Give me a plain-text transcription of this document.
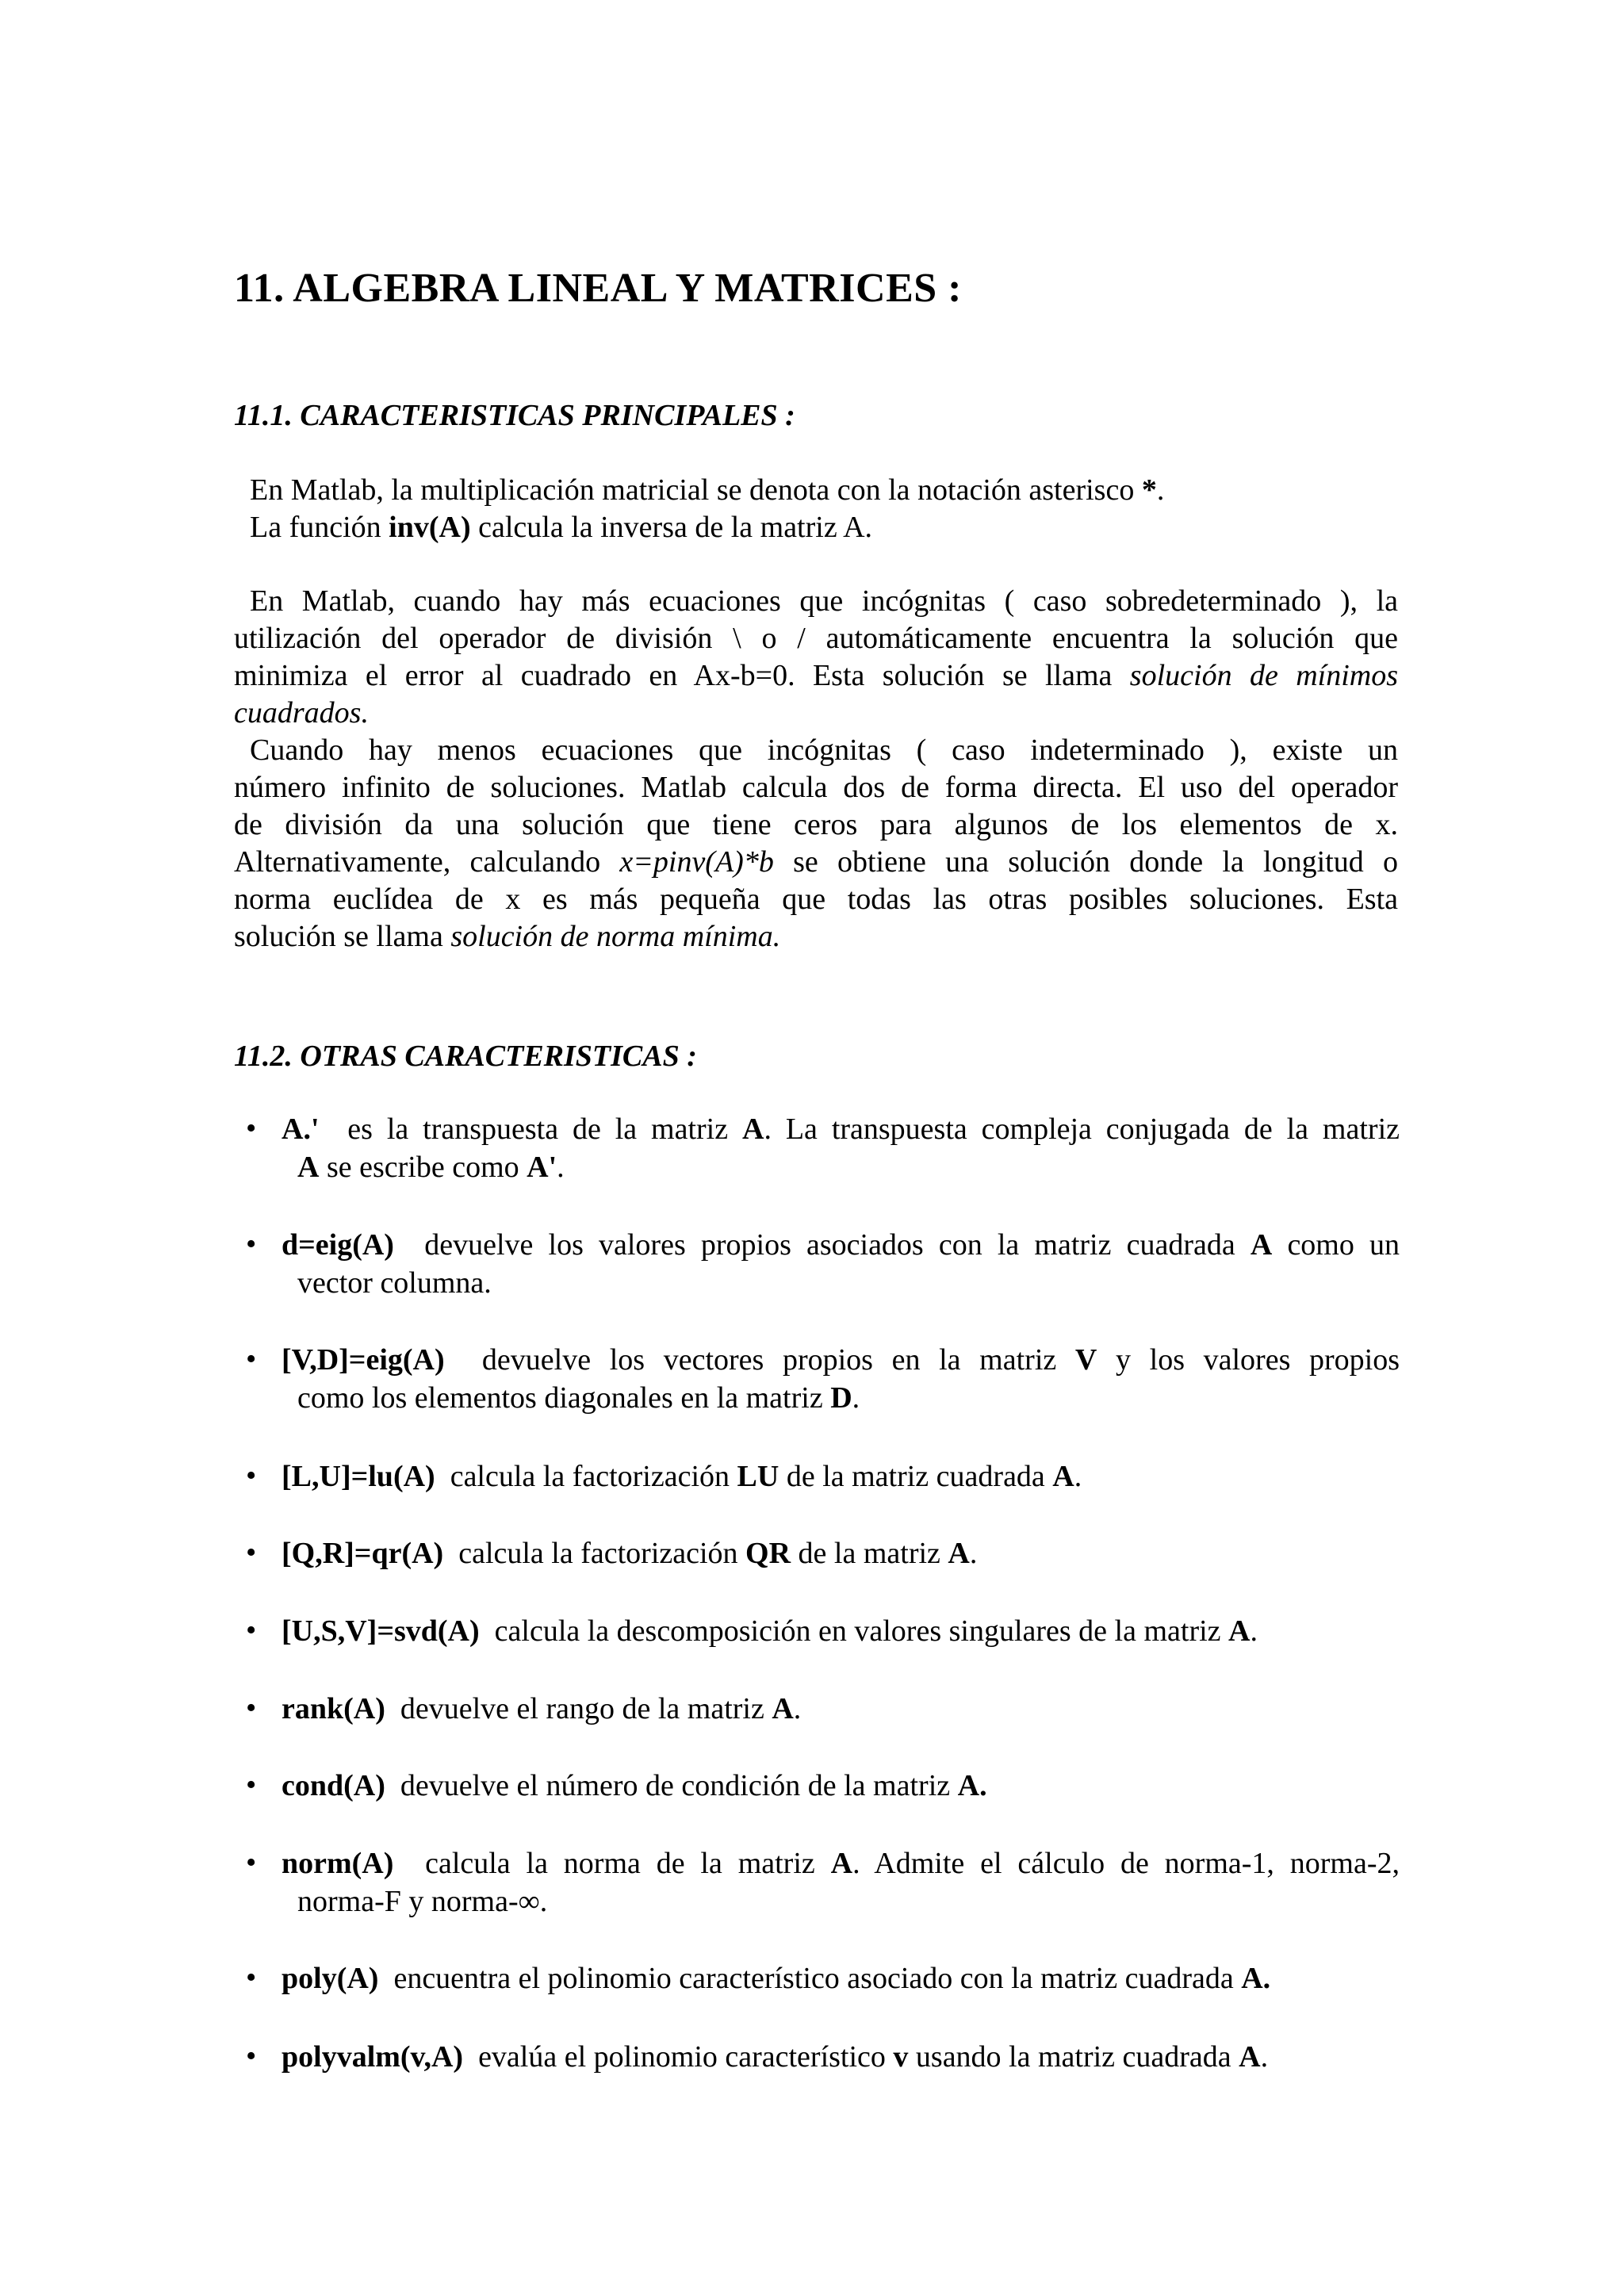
11. ALGEBRA LINEAL Y MATRICES :
11.1. CARACTERISTICAS PRINCIPALES :

En Matlab, la multiplicación matricial se denota con la notación asterisco *.

La función inv(A) calcula la inversa de la matriz A.

En Matlab, cuando hay más ecuaciones que incógnitas ( caso sobredeterminado ), la
utilización del operador de división \ o / automáticamente encuentra la solución que
minimiza el error al cuadrado en Ax-b=0. Esta solución se llama solución de mínimos
cuadrados.
Cuando hay menos ecuaciones que incógnitas ( caso indeterminado ), existe un
número infinito de soluciones. Matlab calcula dos de forma directa. El uso del operador
de división da una solución que tiene ceros para algunos de los elementos de x.
Alternativamente, calculando x=pinv(A)*b se obtiene una solución donde la longitud o
norma euclídea de x es más pequeña que todas las otras posibles soluciones. Esta
solución se llama solución de norma mínima.
11.2. OTRAS CARACTERISTICAS :
• A.'  es la transpuesta de la matriz A. La transpuesta compleja conjugada de la matriz
A se escribe como A'.
• d=eig(A)  devuelve los valores propios asociados con la matriz cuadrada A como un
vector columna.
• [V,D]=eig(A)  devuelve los vectores propios en la matriz V y los valores propios
como los elementos diagonales en la matriz D.
• [L,U]=lu(A)  calcula la factorización LU de la matriz cuadrada A.
• [Q,R]=qr(A)  calcula la factorización QR de la matriz A.
• [U,S,V]=svd(A)  calcula la descomposición en valores singulares de la matriz A.
• rank(A)  devuelve el rango de la matriz A.
• cond(A)  devuelve el número de condición de la matriz A.
• norm(A)  calcula la norma de la matriz A. Admite el cálculo de norma-1, norma-2,
norma-F y norma-∞.
• poly(A)  encuentra el polinomio característico asociado con la matriz cuadrada A.
• polyvalm(v,A)  evalúa el polinomio característico v usando la matriz cuadrada A.
